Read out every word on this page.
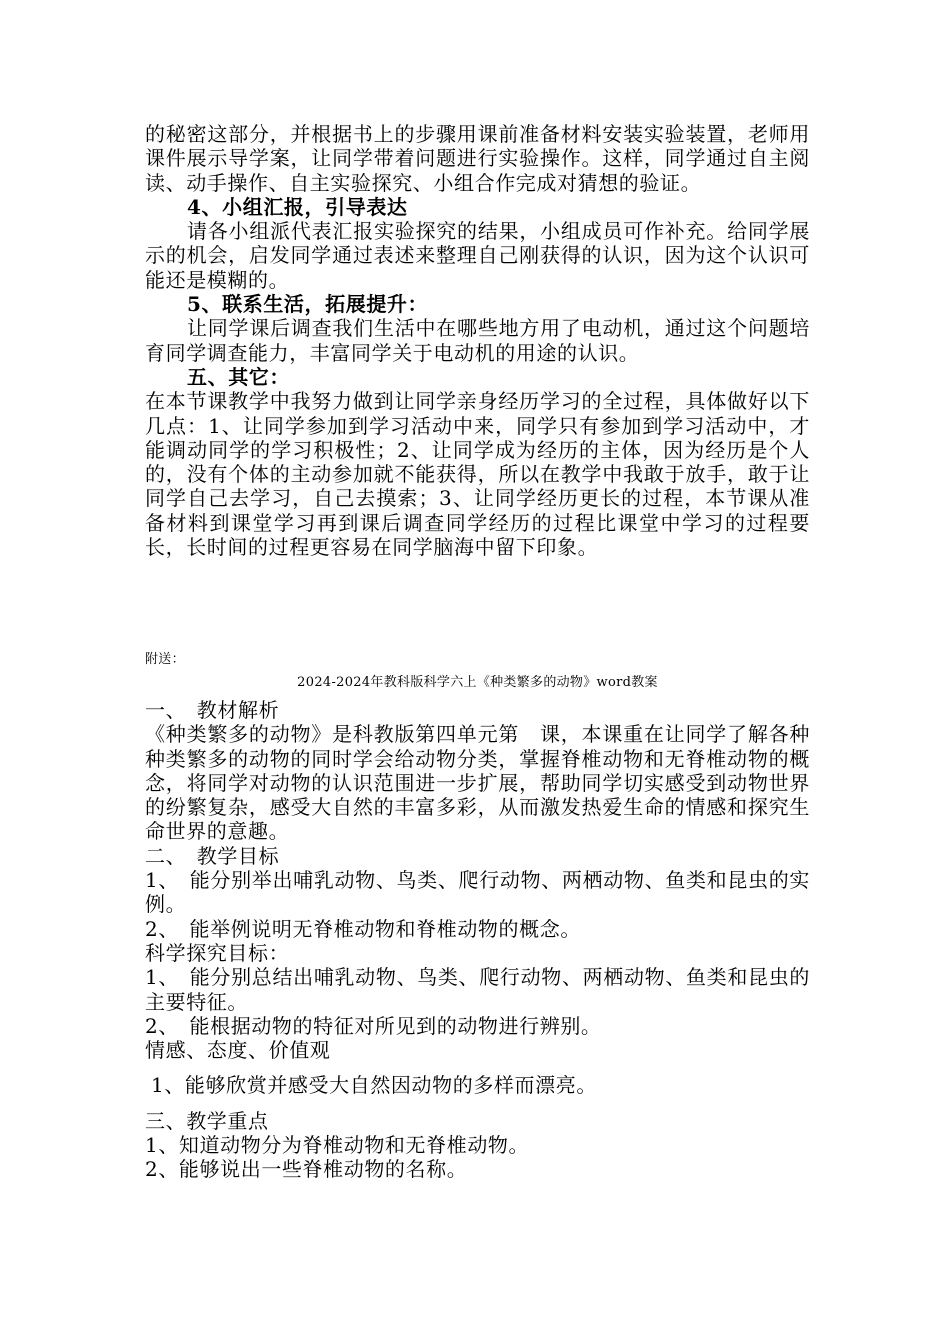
的秘密这部分，并根据书上的步骤用课前准备材料安装实验装置，老师用课件展示导学案，让同学带着问题进行实验操作。这样，同学通过自主阅读、动手操作、自主实验探究、小组合作完成对猜想的验证。

4、小组汇报，引导表达

请各小组派代表汇报实验探究的结果，小组成员可作补充。给同学展示的机会，启发同学通过表述来整理自己刚获得的认识，因为这个认识可能还是模糊的。

5、联系生活，拓展提升：

让同学课后调查我们生活中在哪些地方用了电动机，通过这个问题培育同学调查能力，丰富同学关于电动机的用途的认识。

五、其它：

在本节课教学中我努力做到让同学亲身经历学习的全过程，具体做好以下几点：1、让同学参加到学习活动中来，同学只有参加到学习活动中，才能调动同学的学习积极性；2、让同学成为经历的主体，因为经历是个人的，没有个体的主动参加就不能获得，所以在教学中我敢于放手，敢于让同学自己去学习，自己去摸索；3、让同学经历更长的过程，本节课从准备材料到课堂学习再到课后调查同学经历的过程比课堂中学习的过程要长，长时间的过程更容易在同学脑海中留下印象。

附送：

2024-2024年教科版科学六上《种类繁多的动物》word教案

一、　教材解析

《种类繁多的动物》是科教版第四单元第　课，本课重在让同学了解各种种类繁多的动物的同时学会给动物分类，掌握脊椎动物和无脊椎动物的概念，将同学对动物的认识范围进一步扩展，帮助同学切实感受到动物世界的纷繁复杂，感受大自然的丰富多彩，从而激发热爱生命的情感和探究生命世界的意趣。

二、　教学目标

1、　能分别举出哺乳动物、鸟类、爬行动物、两栖动物、鱼类和昆虫的实例。

2、　能举例说明无脊椎动物和脊椎动物的概念。

科学探究目标：

1、　能分别总结出哺乳动物、鸟类、爬行动物、两栖动物、鱼类和昆虫的主要特征。

2、　能根据动物的特征对所见到的动物进行辨别。

情感、态度、价值观

1、能够欣赏并感受大自然因动物的多样而漂亮。

三、教学重点

1、知道动物分为脊椎动物和无脊椎动物。

2、能够说出一些脊椎动物的名称。
